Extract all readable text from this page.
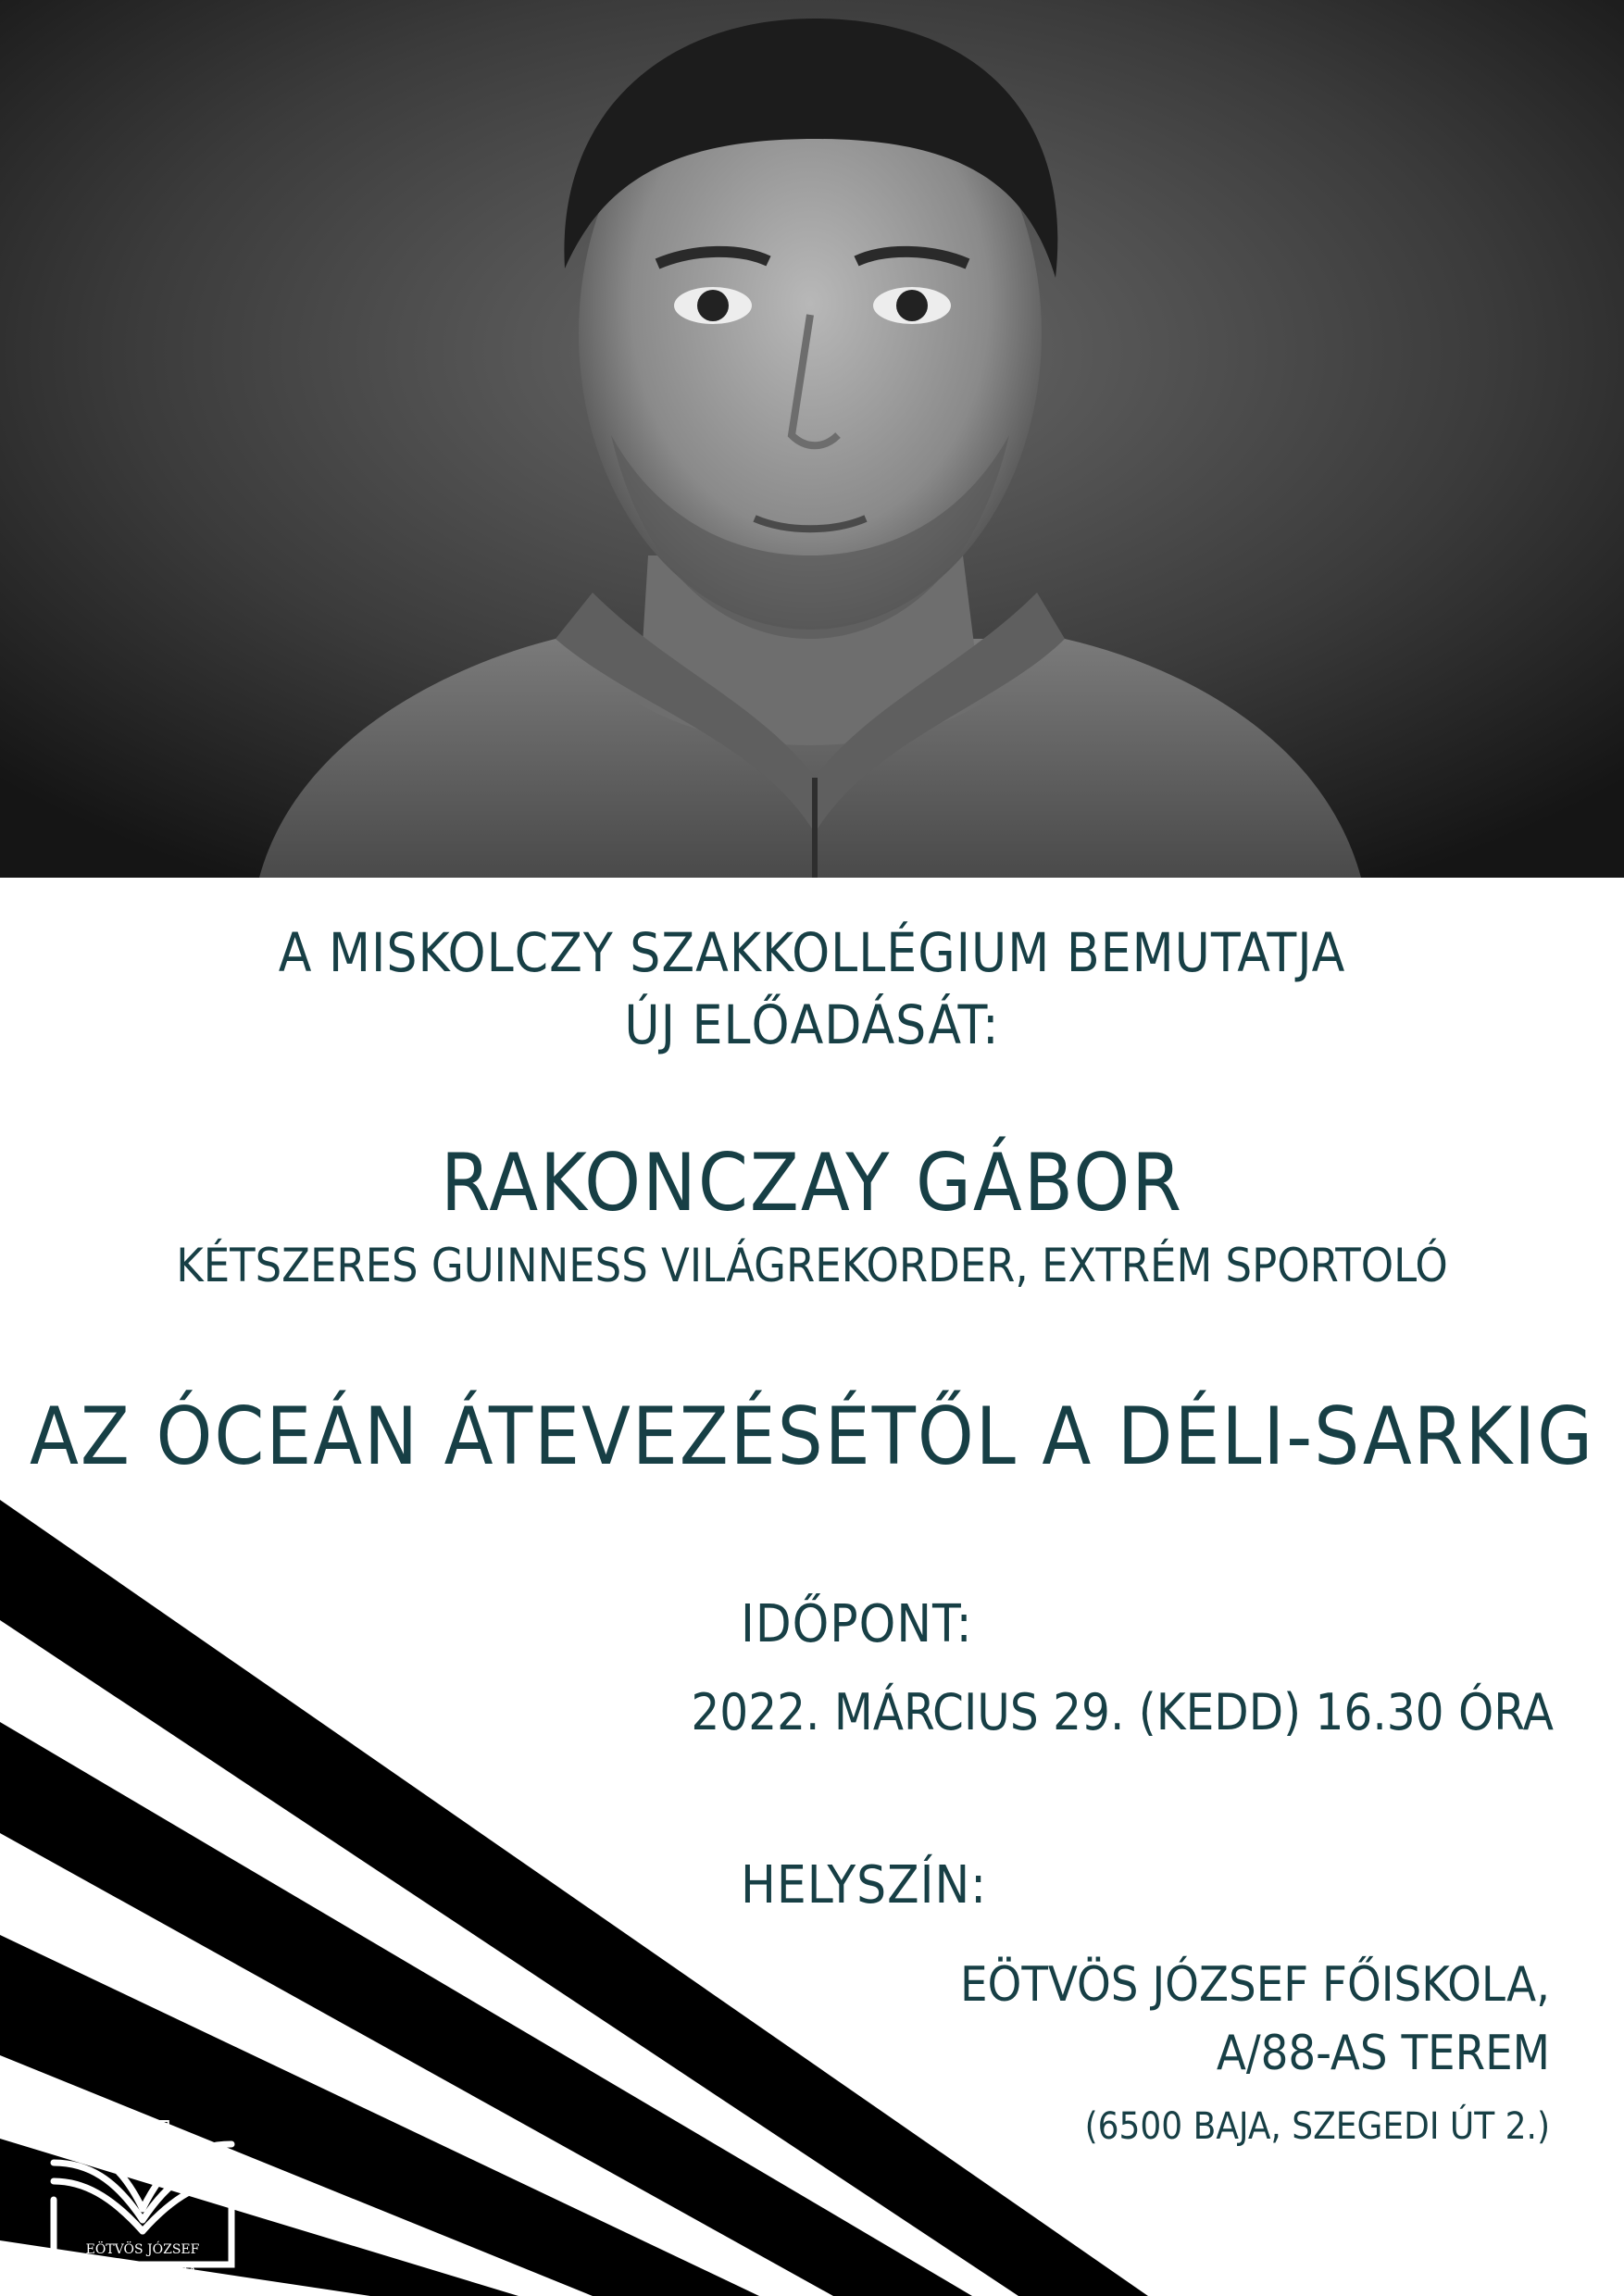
A MISKOLCZY SZAKKOLLÉGIUM BEMUTATJA
ÚJ ELŐADÁSÁT:
RAKONCZAY GÁBOR
KÉTSZERES GUINNESS VILÁGREKORDER, EXTRÉM SPORTOLÓ
AZ ÓCEÁN ÁTEVEZÉSÉTŐL A DÉLI-SARKIG
IDŐPONT:
2022. MÁRCIUS 29. (KEDD) 16.30 ÓRA
HELYSZÍN:
EÖTVÖS JÓZSEF FŐISKOLA,
A/88-AS TEREM
(6500 BAJA, SZEGEDI ÚT 2.)
EJF
EÖTVÖS JÓZSEF
FŐISKOLA BAJA
